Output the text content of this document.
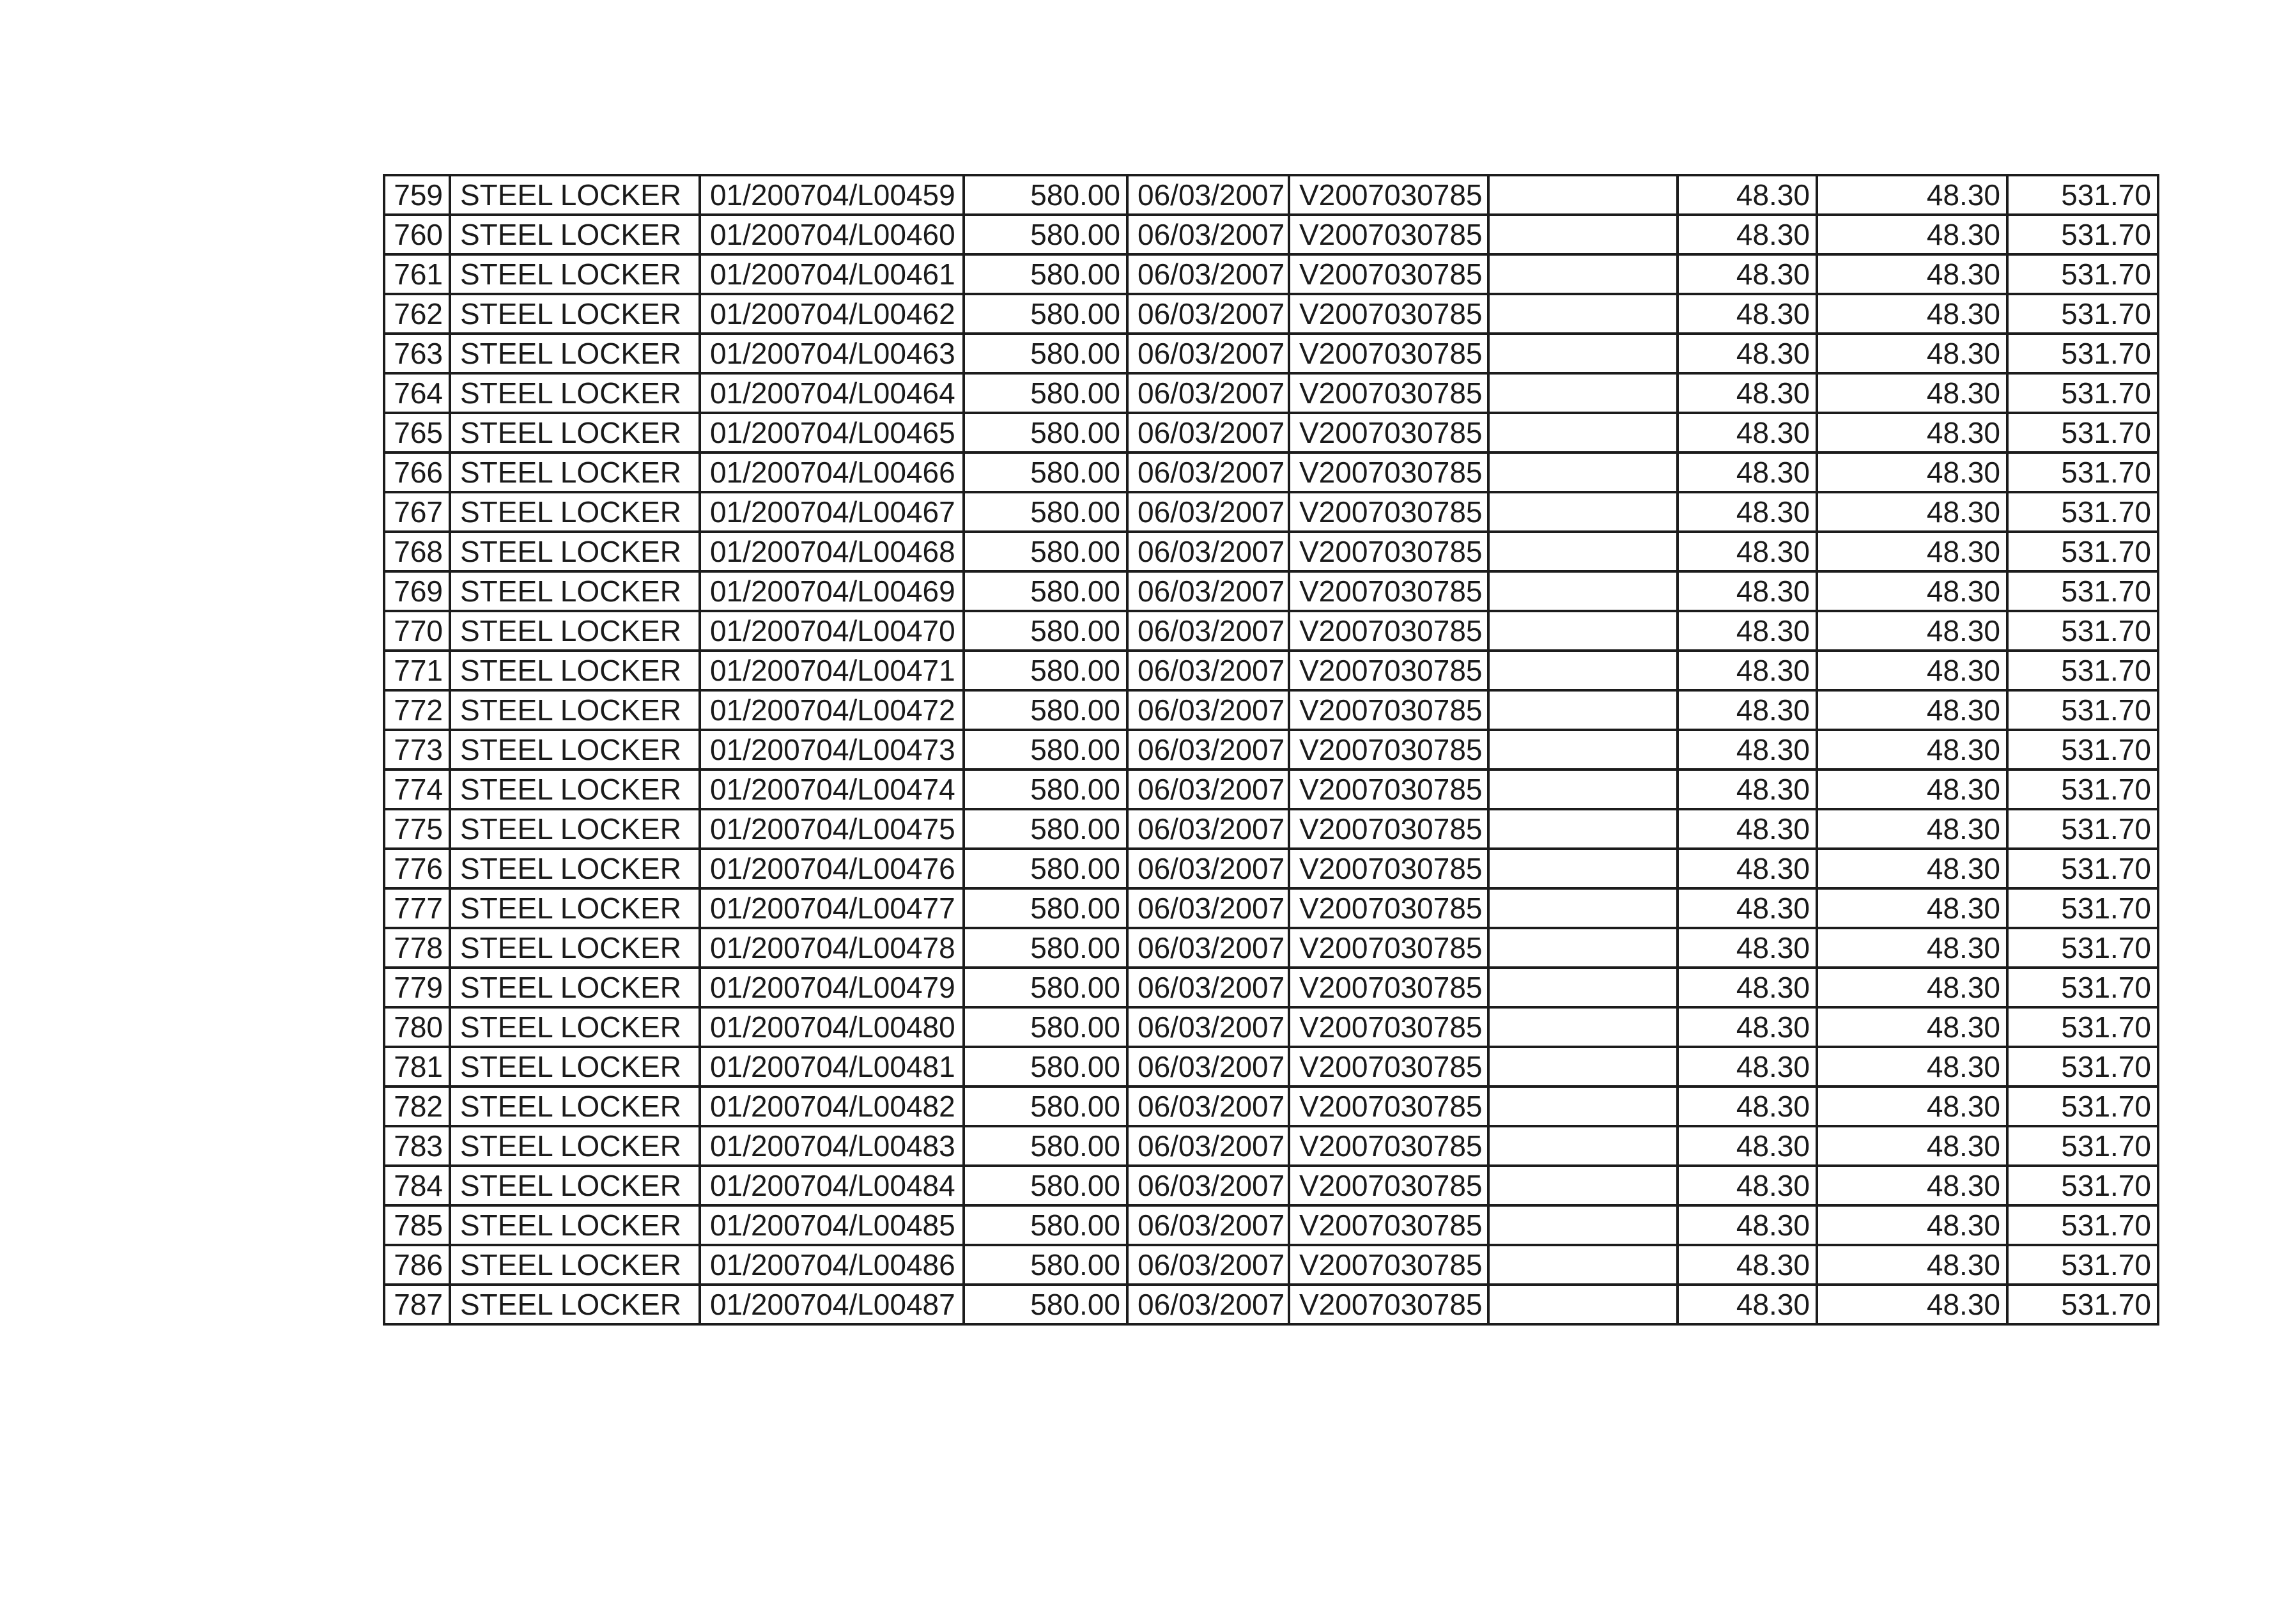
759	STEEL LOCKER	01/200704/L00459	580.00	06/03/2007	V2007030785		48.30	48.30	531.70
760	STEEL LOCKER	01/200704/L00460	580.00	06/03/2007	V2007030785		48.30	48.30	531.70
761	STEEL LOCKER	01/200704/L00461	580.00	06/03/2007	V2007030785		48.30	48.30	531.70
762	STEEL LOCKER	01/200704/L00462	580.00	06/03/2007	V2007030785		48.30	48.30	531.70
763	STEEL LOCKER	01/200704/L00463	580.00	06/03/2007	V2007030785		48.30	48.30	531.70
764	STEEL LOCKER	01/200704/L00464	580.00	06/03/2007	V2007030785		48.30	48.30	531.70
765	STEEL LOCKER	01/200704/L00465	580.00	06/03/2007	V2007030785		48.30	48.30	531.70
766	STEEL LOCKER	01/200704/L00466	580.00	06/03/2007	V2007030785		48.30	48.30	531.70
767	STEEL LOCKER	01/200704/L00467	580.00	06/03/2007	V2007030785		48.30	48.30	531.70
768	STEEL LOCKER	01/200704/L00468	580.00	06/03/2007	V2007030785		48.30	48.30	531.70
769	STEEL LOCKER	01/200704/L00469	580.00	06/03/2007	V2007030785		48.30	48.30	531.70
770	STEEL LOCKER	01/200704/L00470	580.00	06/03/2007	V2007030785		48.30	48.30	531.70
771	STEEL LOCKER	01/200704/L00471	580.00	06/03/2007	V2007030785		48.30	48.30	531.70
772	STEEL LOCKER	01/200704/L00472	580.00	06/03/2007	V2007030785		48.30	48.30	531.70
773	STEEL LOCKER	01/200704/L00473	580.00	06/03/2007	V2007030785		48.30	48.30	531.70
774	STEEL LOCKER	01/200704/L00474	580.00	06/03/2007	V2007030785		48.30	48.30	531.70
775	STEEL LOCKER	01/200704/L00475	580.00	06/03/2007	V2007030785		48.30	48.30	531.70
776	STEEL LOCKER	01/200704/L00476	580.00	06/03/2007	V2007030785		48.30	48.30	531.70
777	STEEL LOCKER	01/200704/L00477	580.00	06/03/2007	V2007030785		48.30	48.30	531.70
778	STEEL LOCKER	01/200704/L00478	580.00	06/03/2007	V2007030785		48.30	48.30	531.70
779	STEEL LOCKER	01/200704/L00479	580.00	06/03/2007	V2007030785		48.30	48.30	531.70
780	STEEL LOCKER	01/200704/L00480	580.00	06/03/2007	V2007030785		48.30	48.30	531.70
781	STEEL LOCKER	01/200704/L00481	580.00	06/03/2007	V2007030785		48.30	48.30	531.70
782	STEEL LOCKER	01/200704/L00482	580.00	06/03/2007	V2007030785		48.30	48.30	531.70
783	STEEL LOCKER	01/200704/L00483	580.00	06/03/2007	V2007030785		48.30	48.30	531.70
784	STEEL LOCKER	01/200704/L00484	580.00	06/03/2007	V2007030785		48.30	48.30	531.70
785	STEEL LOCKER	01/200704/L00485	580.00	06/03/2007	V2007030785		48.30	48.30	531.70
786	STEEL LOCKER	01/200704/L00486	580.00	06/03/2007	V2007030785		48.30	48.30	531.70
787	STEEL LOCKER	01/200704/L00487	580.00	06/03/2007	V2007030785		48.30	48.30	531.70
